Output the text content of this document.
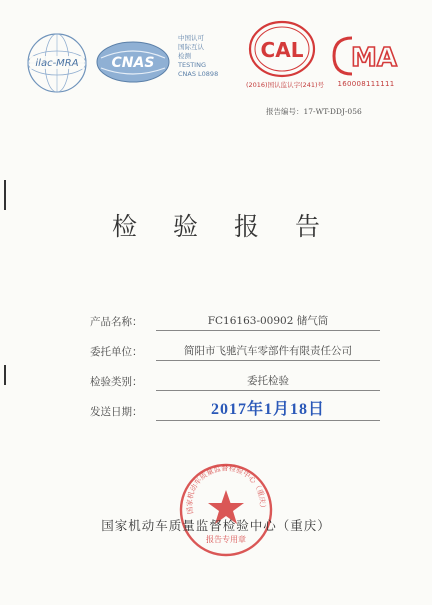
ilac-MRA CNAS
中国认可
国际互认
检测
TESTING
CNAS L0898
CAL
(2016)国认监认字(241)号
MA
160008111111
报告编号：17-WT-DDJ-056
检验报告
产品名称：	FC16163-00902 储气筒
委托单位：	简阳市飞驰汽车零部件有限责任公司
检验类别：	委托检验
发送日期：	2017年1月18日
国家机动车质量监督检验中心（重庆）
报告专用章
国家机动车质量监督检验中心（重庆）
